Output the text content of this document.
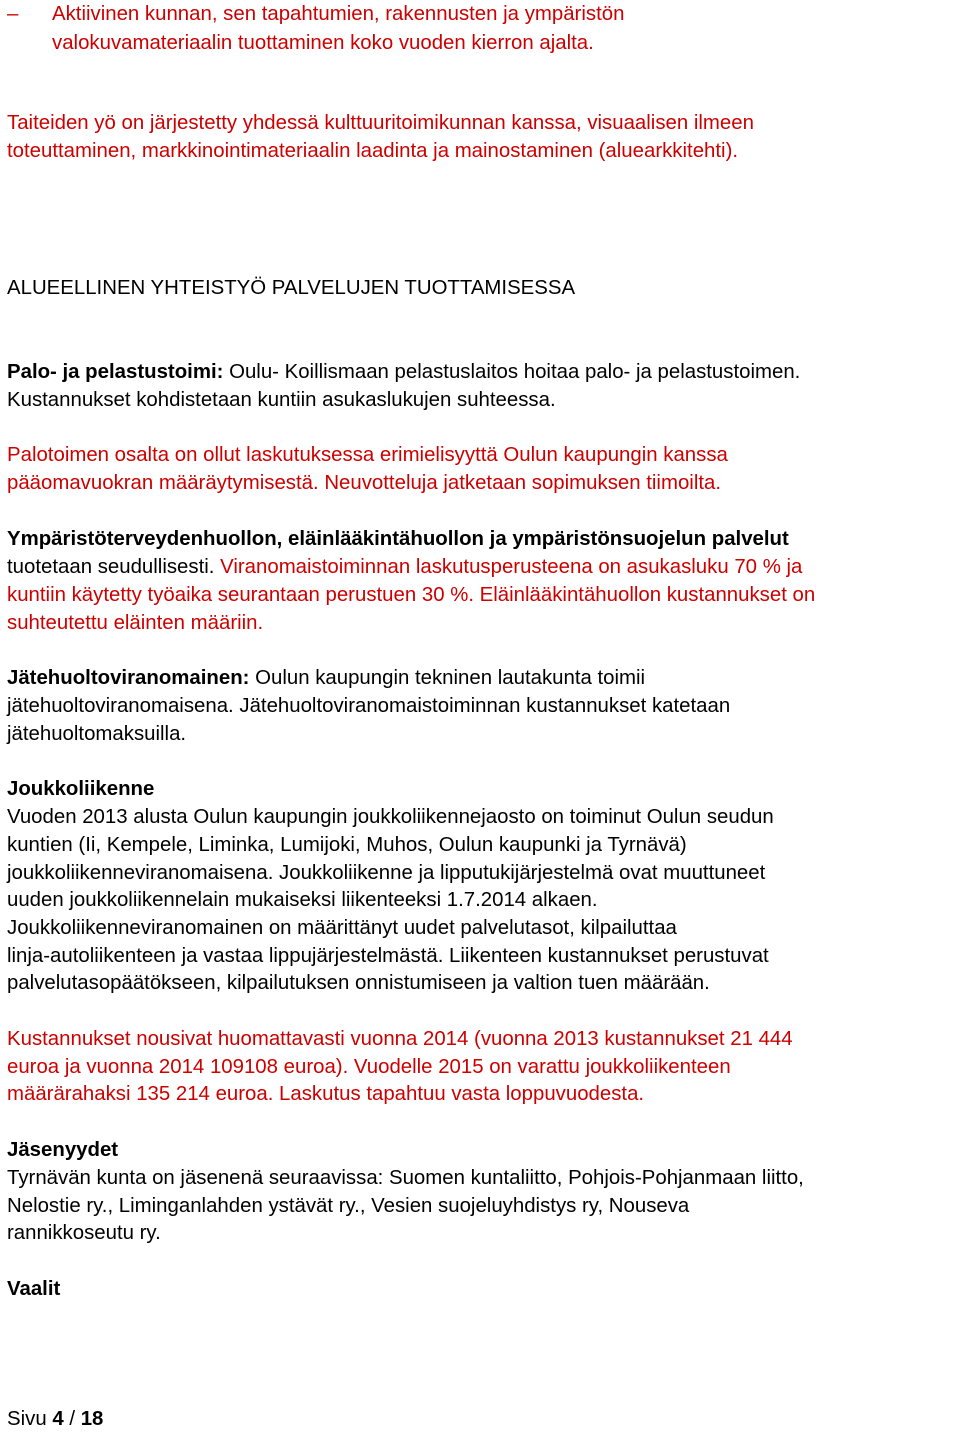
– Aktiivinen kunnan, sen tapahtumien, rakennusten ja ympäristön
valokuvamateriaalin tuottaminen koko vuoden kierron ajalta.
Taiteiden yö on järjestetty yhdessä kulttuuritoimikunnan kanssa, visuaalisen ilmeen
toteuttaminen, markkinointimateriaalin laadinta ja mainostaminen (aluearkkitehti).
ALUEELLINEN YHTEISTYÖ PALVELUJEN TUOTTAMISESSA
Palo- ja pelastustoimi: Oulu- Koillismaan pelastuslaitos hoitaa palo- ja pelastustoimen.
Kustannukset kohdistetaan kuntiin asukaslukujen suhteessa.
Palotoimen osalta on ollut laskutuksessa erimielisyyttä Oulun kaupungin kanssa
pääomavuokran määräytymisestä. Neuvotteluja jatketaan sopimuksen tiimoilta.
Ympäristöterveydenhuollon, eläinlääkintähuollon ja ympäristönsuojelun palvelut
tuotetaan seudullisesti. Viranomaistoiminnan laskutusperusteena on asukasluku 70 % ja
kuntiin käytetty työaika seurantaan perustuen 30 %. Eläinlääkintähuollon kustannukset on
suhteutettu eläinten määriin.
Jätehuoltoviranomainen: Oulun kaupungin tekninen lautakunta toimii
jätehuoltoviranomaisena. Jätehuoltoviranomaistoiminnan kustannukset katetaan
jätehuoltomaksuilla.
Joukkoliikenne
Vuoden 2013 alusta Oulun kaupungin joukkoliikennejaosto on toiminut Oulun seudun
kuntien (Ii, Kempele, Liminka, Lumijoki, Muhos, Oulun kaupunki ja Tyrnävä)
joukkoliikenneviranomaisena. Joukkoliikenne ja lipputukijärjestelmä ovat muuttuneet
uuden joukkoliikennelain mukaiseksi liikenteeksi 1.7.2014 alkaen.
Joukkoliikenneviranomainen on määrittänyt uudet palvelutasot, kilpailuttaa
linja-autoliikenteen ja vastaa lippujärjestelmästä. Liikenteen kustannukset perustuvat
palvelutasopäätökseen, kilpailutuksen onnistumiseen ja valtion tuen määrään.
Kustannukset nousivat huomattavasti vuonna 2014 (vuonna 2013 kustannukset 21 444
euroa ja vuonna 2014 109108 euroa). Vuodelle 2015 on varattu joukkoliikenteen
määrärahaksi 135 214 euroa. Laskutus tapahtuu vasta loppuvuodesta.
Jäsenyydet
Tyrnävän kunta on jäsenenä seuraavissa: Suomen kuntaliitto, Pohjois-Pohjanmaan liitto,
Nelostie ry., Liminganlahden ystävät ry., Vesien suojeluyhdistys ry, Nouseva
rannikkoseutu ry.
Vaalit
Sivu 4 / 18
